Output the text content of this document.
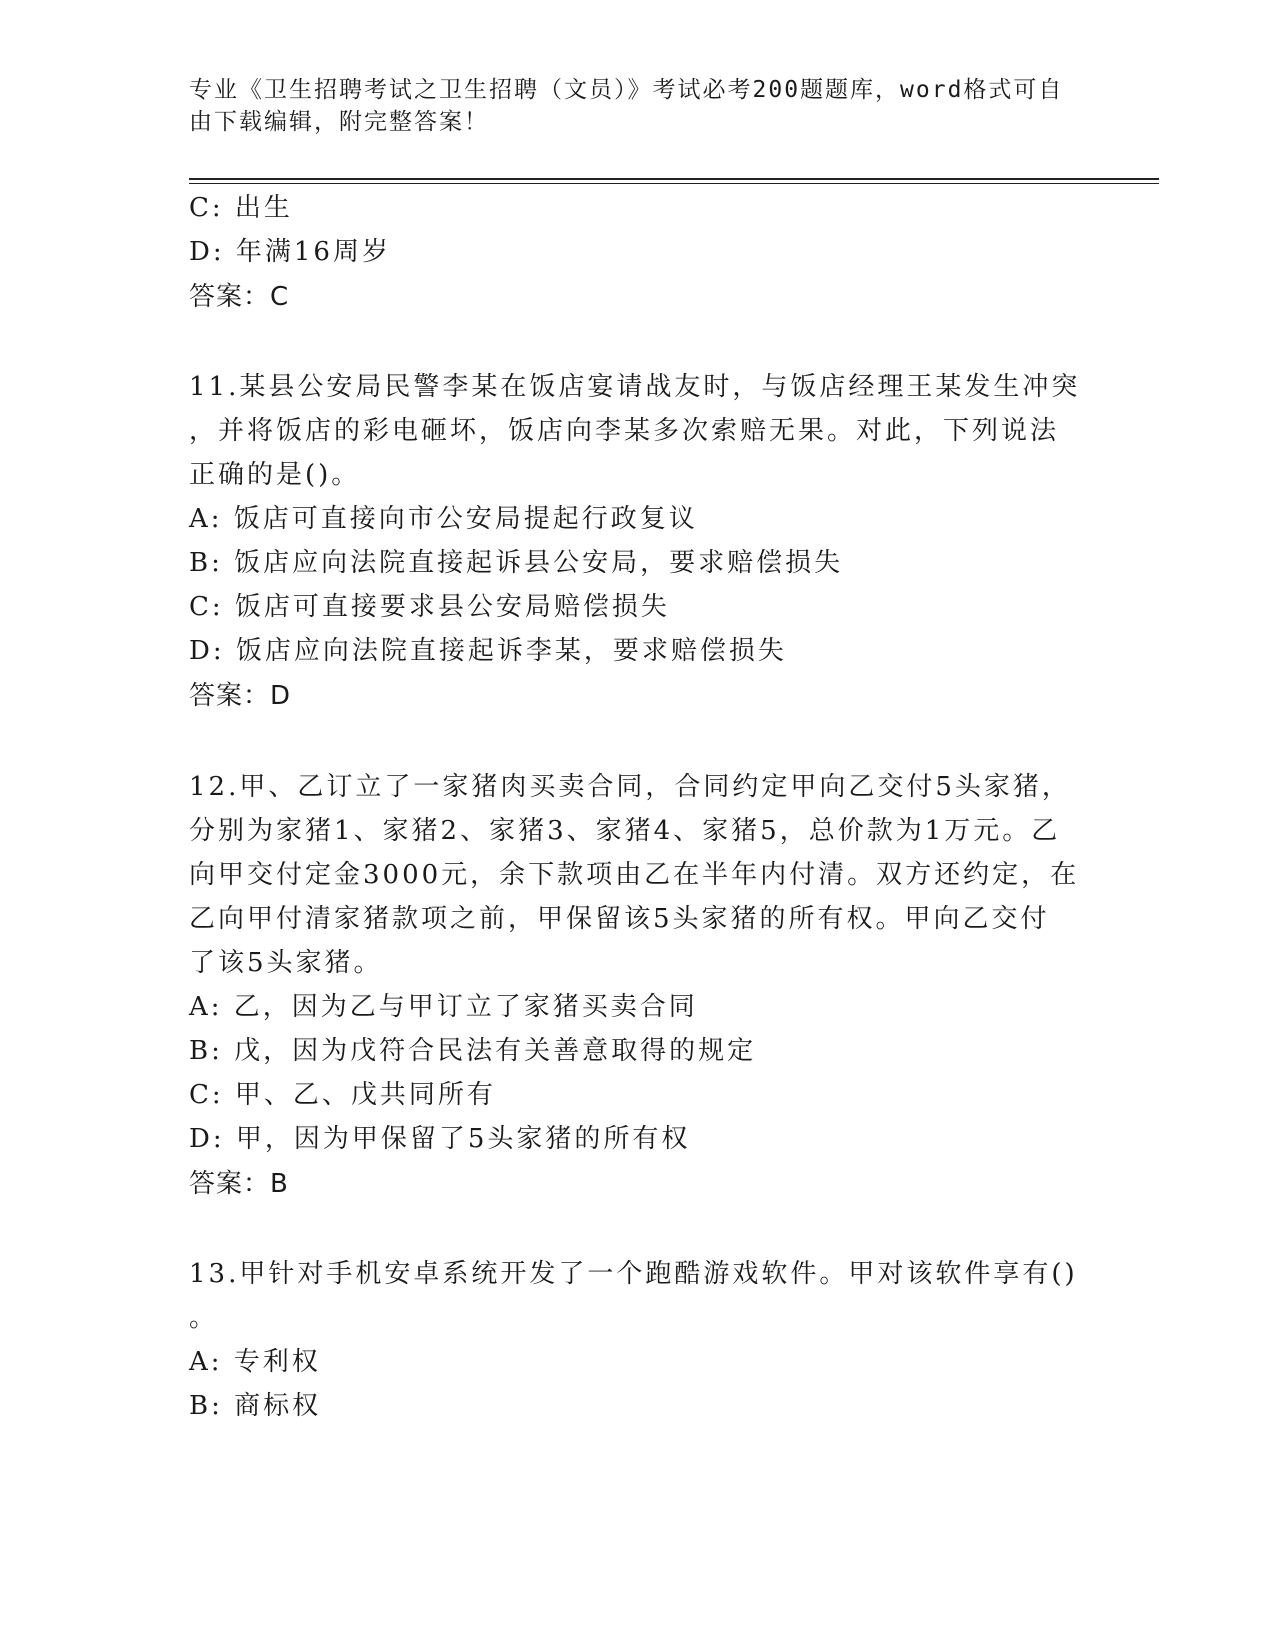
专业《卫生招聘考试之卫生招聘（文员）》考试必考200题题库，word格式可自
由下载编辑，附完整答案！
C: 出生
D: 年满16周岁
答案：C
11.某县公安局民警李某在饭店宴请战友时，与饭店经理王某发生冲突
，并将饭店的彩电砸坏，饭店向李某多次索赔无果。对此，下列说法
正确的是()。
A: 饭店可直接向市公安局提起行政复议
B: 饭店应向法院直接起诉县公安局，要求赔偿损失
C: 饭店可直接要求县公安局赔偿损失
D: 饭店应向法院直接起诉李某，要求赔偿损失
答案：D
12.甲、乙订立了一家猪肉买卖合同，合同约定甲向乙交付5头家猪，
分别为家猪1、家猪2、家猪3、家猪4、家猪5，总价款为1万元。乙
向甲交付定金3000元，余下款项由乙在半年内付清。双方还约定，在
乙向甲付清家猪款项之前，甲保留该5头家猪的所有权。甲向乙交付
了该5头家猪。
A: 乙，因为乙与甲订立了家猪买卖合同
B: 戊，因为戊符合民法有关善意取得的规定
C: 甲、乙、戊共同所有
D: 甲，因为甲保留了5头家猪的所有权
答案：B
13.甲针对手机安卓系统开发了一个跑酷游戏软件。甲对该软件享有()
。
A: 专利权
B: 商标权
